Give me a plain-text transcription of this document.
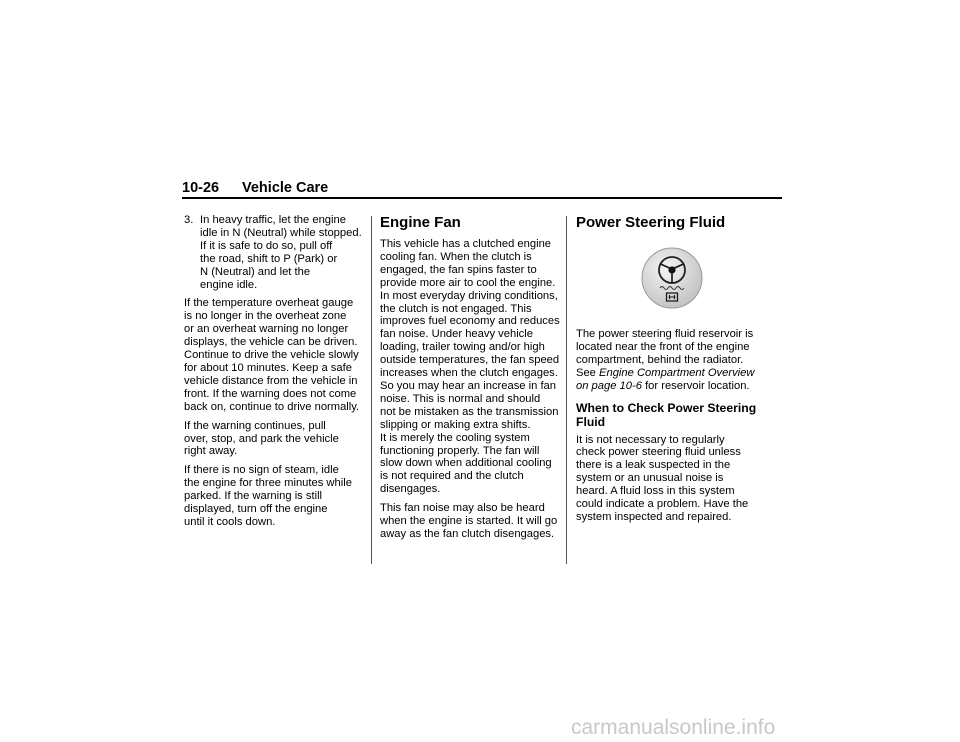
10-26 Vehicle Care
3. In heavy traffic, let the engine
idle in N (Neutral) while stopped.
If it is safe to do so, pull off
the road, shift to P (Park) or
N (Neutral) and let the
engine idle.

If the temperature overheat gauge
is no longer in the overheat zone
or an overheat warning no longer
displays, the vehicle can be driven.
Continue to drive the vehicle slowly
for about 10 minutes. Keep a safe
vehicle distance from the vehicle in
front. If the warning does not come
back on, continue to drive normally.

If the warning continues, pull
over, stop, and park the vehicle
right away.

If there is no sign of steam, idle
the engine for three minutes while
parked. If the warning is still
displayed, turn off the engine
until it cools down.

Engine Fan

This vehicle has a clutched engine
cooling fan. When the clutch is
engaged, the fan spins faster to
provide more air to cool the engine.
In most everyday driving conditions,
the clutch is not engaged. This
improves fuel economy and reduces
fan noise. Under heavy vehicle
loading, trailer towing and/or high
outside temperatures, the fan speed
increases when the clutch engages.
So you may hear an increase in fan
noise. This is normal and should
not be mistaken as the transmission
slipping or making extra shifts.
It is merely the cooling system
functioning properly. The fan will
slow down when additional cooling
is not required and the clutch
disengages.

This fan noise may also be heard
when the engine is started. It will go
away as the fan clutch disengages.

Power Steering Fluid

The power steering fluid reservoir is
located near the front of the engine
compartment, behind the radiator.
See Engine Compartment Overview
on page 10-6 for reservoir location.

When to Check Power Steering Fluid

It is not necessary to regularly
check power steering fluid unless
there is a leak suspected in the
system or an unusual noise is
heard. A fluid loss in this system
could indicate a problem. Have the
system inspected and repaired.

carmanualsonline.info
